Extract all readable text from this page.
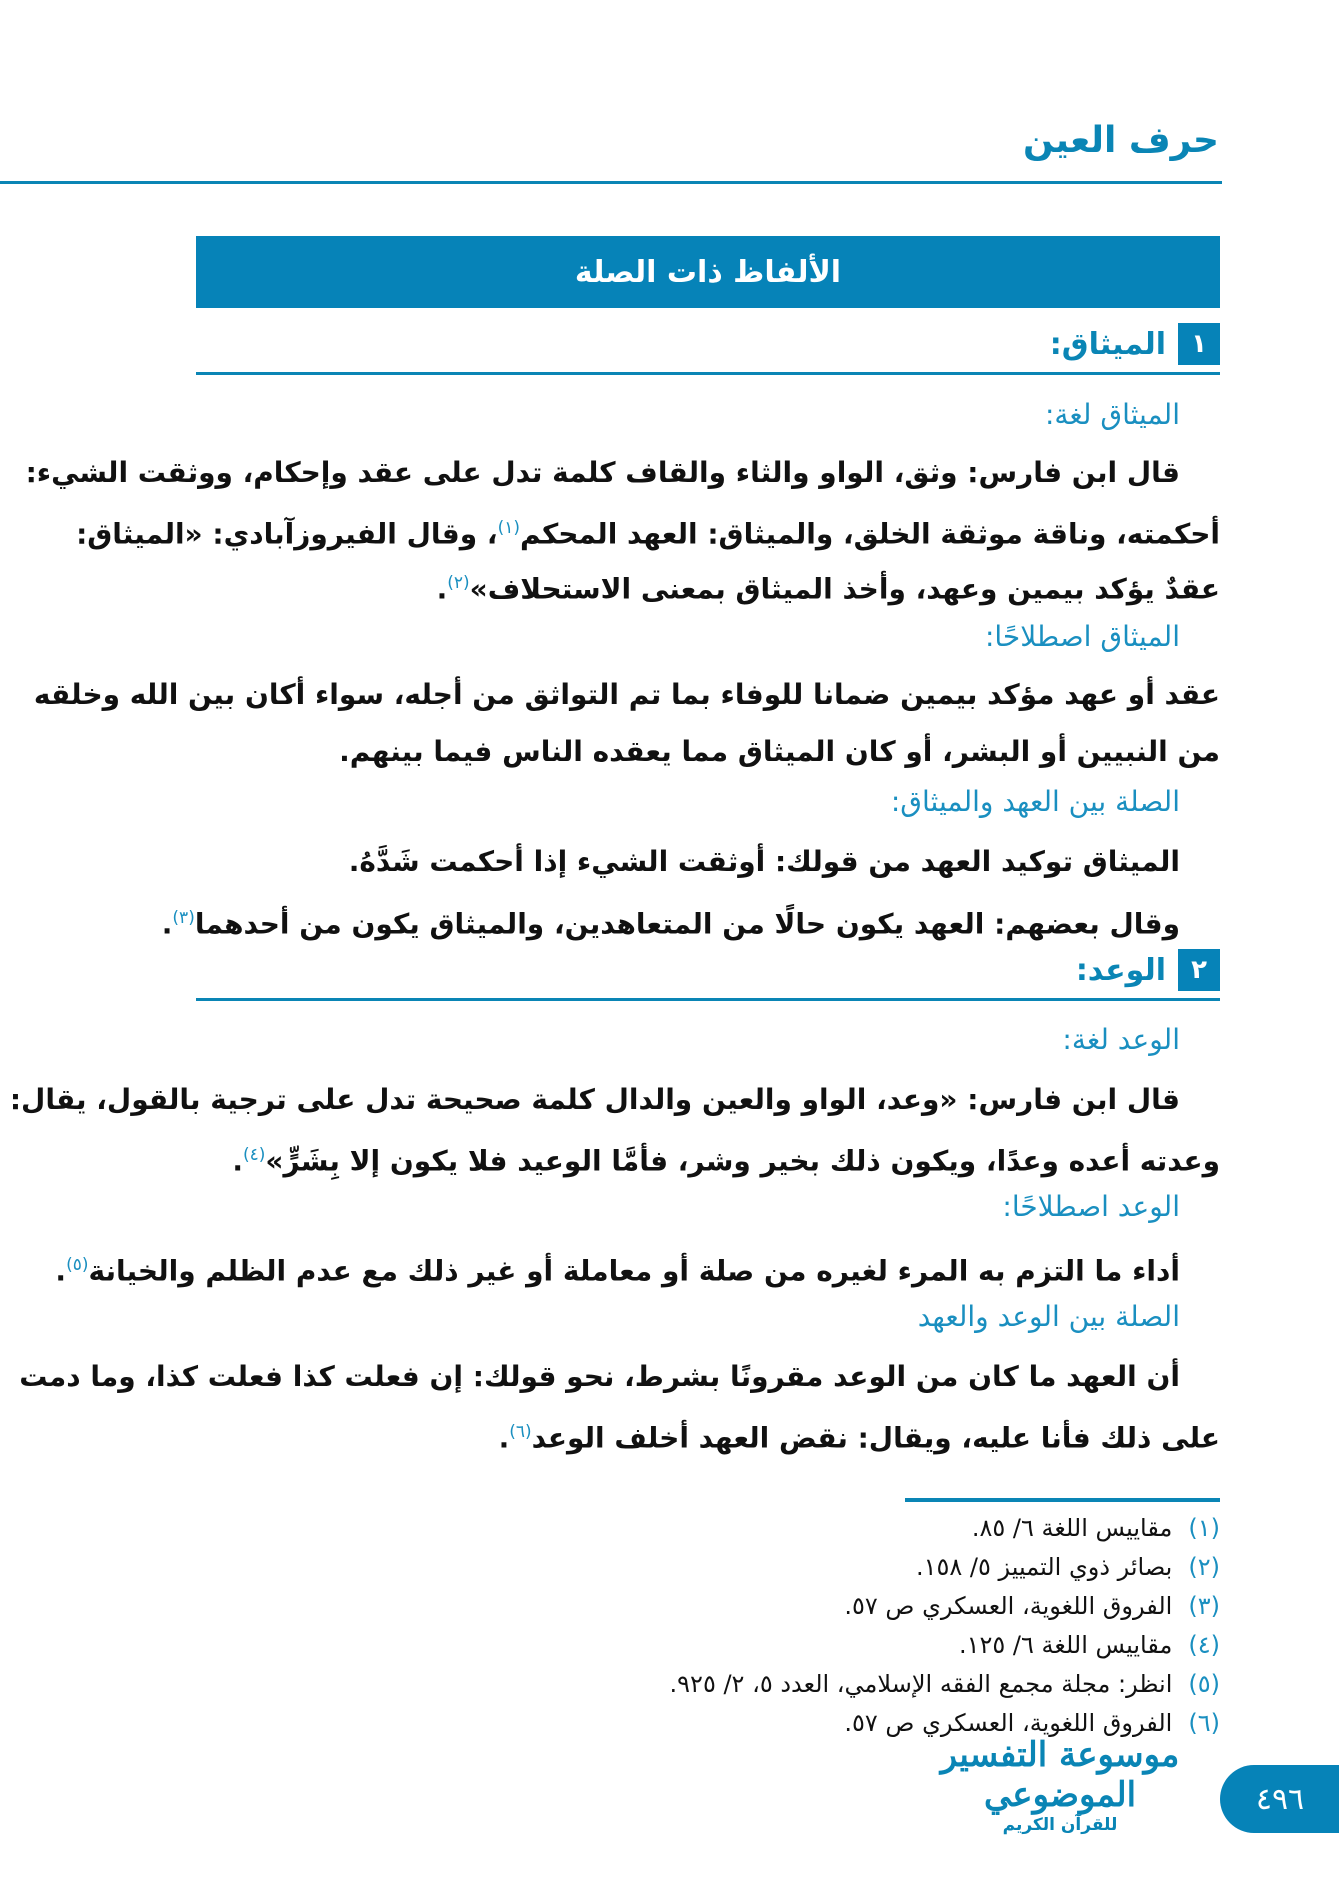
حرف العين
الألفاظ ذات الصلة
١
الميثاق:
الميثاق لغة:
قال ابن فارس: وثق، الواو والثاء والقاف كلمة تدل على عقد وإحكام، ووثقت الشيء:
أحكمته، وناقة موثقة الخلق، والميثاق: العهد المحكم$^{(١)}$، وقال الفيروزآبادي: «الميثاق:
عقدٌ يؤكد بيمين وعهد، وأخذ الميثاق بمعنى الاستحلاف»$^{(٢)}$.
الميثاق اصطلاحًا:
عقد أو عهد مؤكد بيمين ضمانا للوفاء بما تم التواثق من أجله، سواء أكان بين الله وخلقه
من النبيين أو البشر، أو كان الميثاق مما يعقده الناس فيما بينهم.
الصلة بين العهد والميثاق:
الميثاق توكيد العهد من قولك: أوثقت الشيء إذا أحكمت شَدَّهُ.
وقال بعضهم: العهد يكون حالًا من المتعاهدين، والميثاق يكون من أحدهما$^{(٣)}$.
٢
الوعد:
الوعد لغة:
قال ابن فارس: «وعد، الواو والعين والدال كلمة صحيحة تدل على ترجية بالقول، يقال:
وعدته أعده وعدًا، ويكون ذلك بخير وشر، فأمَّا الوعيد فلا يكون إلا بِشَرٍّ»$^{(٤)}$.
الوعد اصطلاحًا:
أداء ما التزم به المرء لغيره من صلة أو معاملة أو غير ذلك مع عدم الظلم والخيانة$^{(٥)}$.
الصلة بين الوعد والعهد
أن العهد ما كان من الوعد مقرونًا بشرط، نحو قولك: إن فعلت كذا فعلت كذا، وما دمت
على ذلك فأنا عليه، ويقال: نقض العهد أخلف الوعد$^{(٦)}$.
(١)مقاييس اللغة ٦/ ٨٥.
(٢)بصائر ذوي التمييز ٥/ ١٥٨.
(٣)الفروق اللغوية، العسكري ص ٥٧.
(٤)مقاييس اللغة ٦/ ١٢٥.
(٥)انظر: مجلة مجمع الفقه الإسلامي، العدد ٥، ٢/ ٩٢٥.
(٦)الفروق اللغوية، العسكري ص ٥٧.
موسوعة التفسير الموضوعي
للقرآن الكريم
٤٩٦
